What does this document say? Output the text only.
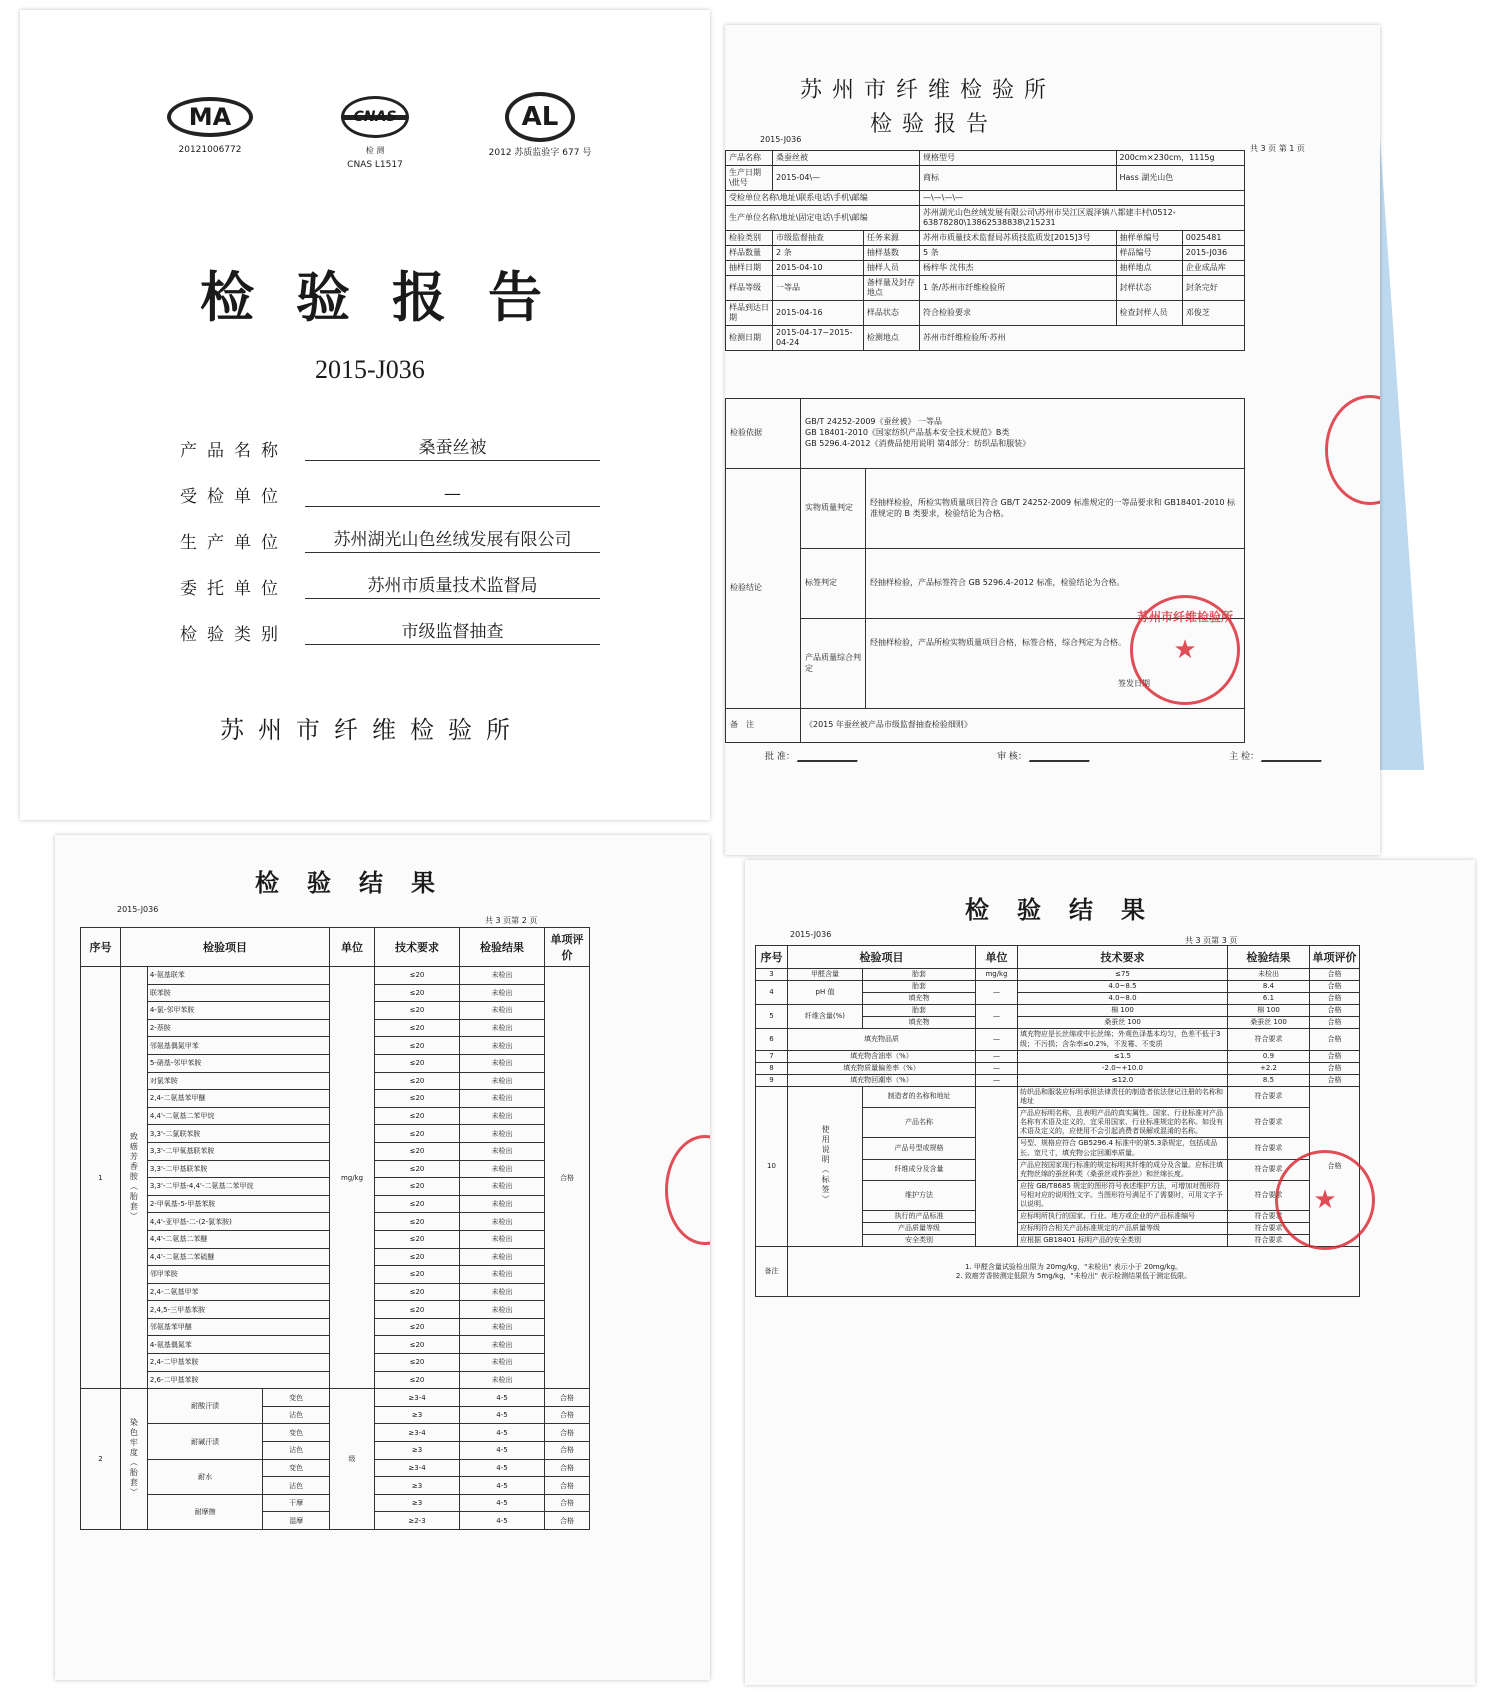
MA
20121006772
CNAS
检 测
CNAS L1517
AL
2012 苏质监验字 677 号
检验报告
2015-J036
产品名称	桑蚕丝被
受检单位	—
生产单位	苏州湖光山色丝绒发展有限公司
委托单位	苏州市质量技术监督局
检验类别	市级监督抽查
苏州市纤维检验所
苏州市纤维检验所
检验报告
2015-J036
共 3 页 第 1 页
产品名称	桑蚕丝被		规格型号	200cm×230cm，1115g	
生产日期\批号	2015-04\—		商标	Hass 湖光山色	
受检单位名称\地址\联系电话\手机\邮编			—\—\—\—		
生产单位名称\地址\固定电话\手机\邮编			苏州湖光山色丝绒发展有限公司\苏州市吴江区震泽镇八都建丰村\0512-63878280\13862538838\215231		
检验类别	市级监督抽查	任务来源	苏州市质量技术监督局苏质技监质发[2015]3号	抽样单编号	0025481
样品数量	2 条	抽样基数	5 条	样品编号	2015-J036
抽样日期	2015-04-10	抽样人员	杨梓华 沈伟杰	抽样地点	企业成品库
样品等级	一等品	备样量及封存地点	1 条/苏州市纤维检验所	封样状态	封条完好
样品到达日期	2015-04-16	样品状态	符合检验要求	检查封样人员	邓俊芝
检测日期	2015-04-17~2015-04-24	检测地点	苏州市纤维检验所·苏州		
检验依据	GB/T 24252-2009《蚕丝被》 一等品
GB 18401-2010《国家纺织产品基本安全技术规范》B类
GB 5296.4-2012《消费品使用说明 第4部分：纺织品和服装》	

检验结论	实物质量判定	经抽样检验，所检实物质量项目符合 GB/T 24252-2009 标准规定的一等品要求和 GB18401-2010 标准规定的 B 类要求，检验结论为合格。
	标签判定	经抽样检验，产品标签符合 GB 5296.4-2012 标准，检验结论为合格。
	产品质量综合判定	经抽样检验，产品所检实物质量项目合格，标签合格，综合判定为合格。
签发日期

备　注	《2015 年蚕丝被产品市级监督抽查检验细则》	
苏州市纤维检验所
★
批 准：	审 核：	主 检：
检验结果
2015-J036
共 3 页第 2 页
序号	检验项目			单位	技术要求	检验结果	单项评价
1	致癌芳香胺（胎套）	4-氨基联苯		mg/kg	≤20	未检出	合格
		联苯胺			≤20	未检出	
		4-氯-邻甲苯胺			≤20	未检出	
		2-萘胺			≤20	未检出	
		邻氨基偶氮甲苯			≤20	未检出	
		5-硝基-邻甲苯胺			≤20	未检出	
		对氯苯胺			≤20	未检出	
		2,4-二氨基苯甲醚			≤20	未检出	
		4,4'-二氨基二苯甲烷			≤20	未检出	
		3,3'-二氯联苯胺			≤20	未检出	
		3,3'-二甲氧基联苯胺			≤20	未检出	
		3,3'-二甲基联苯胺			≤20	未检出	
		3,3'-二甲基-4,4'-二氨基二苯甲烷			≤20	未检出	
		2-甲氧基-5-甲基苯胺			≤20	未检出	
		4,4'-亚甲基-二-(2-氯苯胺)			≤20	未检出	
		4,4'-二氨基二苯醚			≤20	未检出	
		4,4'-二氨基二苯硫醚			≤20	未检出	
		邻甲苯胺			≤20	未检出	
		2,4-二氨基甲苯			≤20	未检出	
		2,4,5-三甲基苯胺			≤20	未检出	
		邻氨基苯甲醚			≤20	未检出	
		4-氨基偶氮苯			≤20	未检出	
		2,4-二甲基苯胺			≤20	未检出	
		2,6-二甲基苯胺			≤20	未检出	
2	染色牢度（胎套）	耐酸汗渍	变色	级	≥3-4	4-5	合格
			沾色		≥3	4-5	合格
		耐碱汗渍	变色		≥3-4	4-5	合格
			沾色		≥3	4-5	合格
		耐水	变色		≥3-4	4-5	合格
			沾色		≥3	4-5	合格
		耐摩擦	干摩		≥3	4-5	合格
			湿摩		≥2-3	4-5	合格
检验结果
2015-J036
共 3 页第 3 页
序号	检验项目		单位	技术要求	检验结果	单项评价
3	甲醛含量	胎套	mg/kg	≤75	未检出	合格
4	pH 值	胎套	—	4.0~8.5	8.4	合格
		填充物		4.0~8.0	6.1	合格
5	纤维含量(%)	胎套	—	棉 100	棉 100	合格
		填充物		桑蚕丝 100	桑蚕丝 100	合格
6	填充物品质		—	填充物应是长丝绵或中长丝绵；外观色泽基本均匀，色差不低于3级；不污损；含杂率≤0.2%，不发霉、不变质	符合要求	合格
7	填充物含油率（%）		—	≤1.5	0.9	合格
8	填充物质量偏差率（%）		—	-2.0~+10.0	+2.2	合格
9	填充物回潮率（%）		—	≤12.0	8.5	合格
10	使用说明（标签）	制造者的名称和地址		纺织品和服装应标明承担法律责任的制造者依法登记注册的名称和地址	符合要求	合格
		产品名称		产品应标明名称，且表明产品的真实属性。国家、行业标准对产品名称有术语及定义的，宜采用国家、行业标准规定的名称。如没有术语及定义的，应使用不会引起消费者误解或混淆的名称。	符合要求	
		产品号型或规格		号型、规格应符合 GB5296.4 标准中的第5.3条规定，包括成品长、宽尺寸，填充物公定回潮率质量。	符合要求	
		纤维成分及含量		产品应按国家现行标准的规定标明其纤维的成分及含量。应标注填充物丝绵的蚕丝种类（桑蚕丝或柞蚕丝）和丝绵长度。	符合要求	
		维护方法		应按 GB/T8685 规定的图形符号表述维护方法，可增加对图形符号相对应的说明性文字。当图形符号满足不了需要时，可用文字予以说明。	符合要求	
		执行的产品标准		应标明所执行的国家、行业、地方或企业的产品标准编号	符合要求	
		产品质量等级		应标明符合相关产品标准规定的产品质量等级	符合要求	
		安全类别		应根据 GB18401 标明产品的安全类别	符合要求	
备注	1. 甲醛含量试验检出限为 20mg/kg，"未检出" 表示小于 20mg/kg。
2. 致癌芳香胺测定低限为 5mg/kg，"未检出" 表示检测结果低于测定低限。					
★
